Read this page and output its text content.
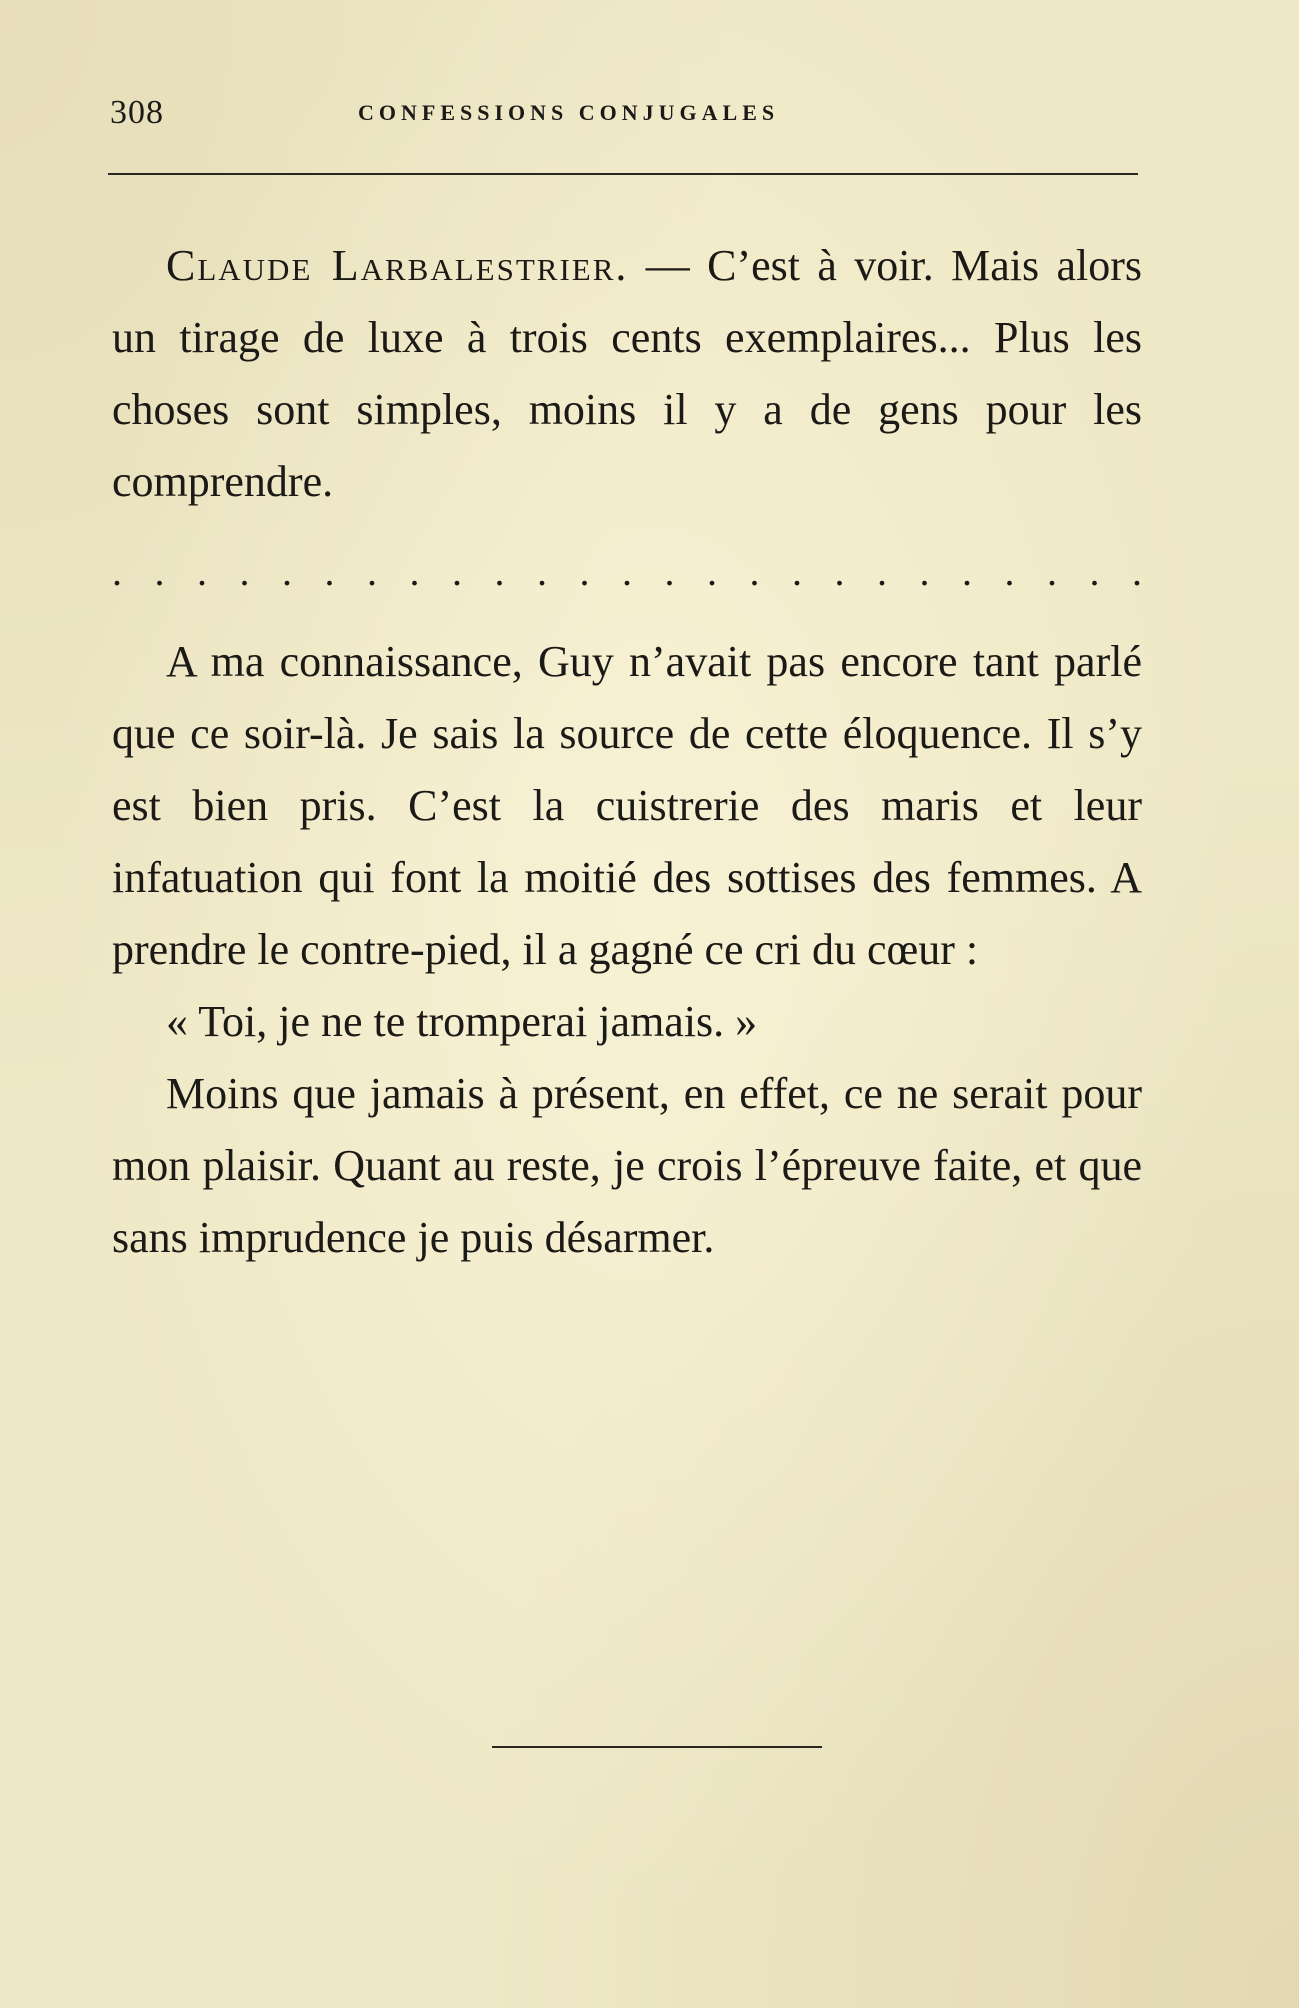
308	CONFESSIONS CONJUGALES

Claude Larbalestrier. — C’est à voir. Mais alors un tirage de luxe à trois cents exemplaires... Plus les choses sont simples, moins il y a de gens pour les comprendre.

. . . . . . . . . . . . . . . . . . . . . . . . .

A ma connaissance, Guy n’avait pas encore tant parlé que ce soir-là. Je sais la source de cette éloquence. Il s’y est bien pris. C’est la cuistrerie des maris et leur infatuation qui font la moitié des sottises des femmes. A prendre le contre-pied, il a gagné ce cri du cœur :

« Toi, je ne te tromperai jamais. »

Moins que jamais à présent, en effet, ce ne serait pour mon plaisir. Quant au reste, je crois l’épreuve faite, et que sans imprudence je puis désarmer.
